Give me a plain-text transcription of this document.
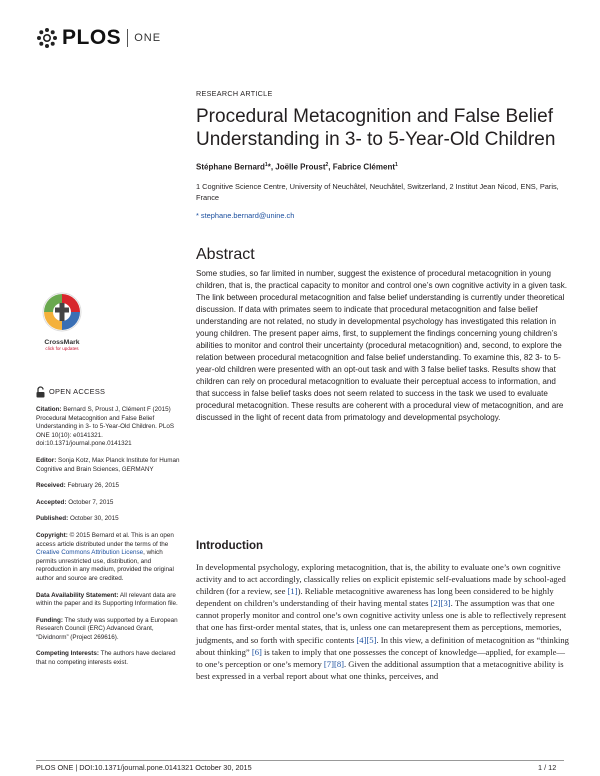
PLOS ONE
RESEARCH ARTICLE
Procedural Metacognition and False Belief Understanding in 3- to 5-Year-Old Children
Stéphane Bernard$^1$*, Joëlle Proust$^2$, Fabrice Clément$^1$
1 Cognitive Science Centre, University of Neuchâtel, Neuchâtel, Switzerland, 2 Institut Jean Nicod, ENS, Paris, France
* stephane.bernard@unine.ch
Abstract
Some studies, so far limited in number, suggest the existence of procedural metacognition in young children, that is, the practical capacity to monitor and control one’s own cognitive activity in a given task. The link between procedural metacognition and false belief understanding is currently under theoretical discussion. If data with primates seem to indicate that procedural metacognition and false belief understanding are not related, no study in developmental psychology has investigated this relation in young children. The present paper aims, first, to supplement the findings concerning young children’s abilities to monitor and control their uncertainty (procedural metacognition) and, second, to explore the relation between procedural metacognition and false belief understanding. To examine this, 82 3- to 5-year-old children were presented with an opt-out task and with 3 false belief tasks. Results show that children can rely on procedural metacognition to evaluate their perceptual access to information, and that success in false belief tasks does not seem related to success in the task we used to evaluate procedural metacognition. These results are coherent with a procedural view of metacognition, and are discussed in the light of recent data from primatology and developmental psychology.
CrossMark
click for updates
OPEN ACCESS

Citation: Bernard S, Proust J, Clément F (2015) Procedural Metacognition and False Belief Understanding in 3- to 5-Year-Old Children. PLoS ONE 10(10): e0141321. doi:10.1371/journal.pone.0141321

Editor: Sonja Kotz, Max Planck Institute for Human Cognitive and Brain Sciences, GERMANY

Received: February 26, 2015

Accepted: October 7, 2015

Published: October 30, 2015

Copyright: © 2015 Bernard et al. This is an open access article distributed under the terms of the Creative Commons Attribution License, which permits unrestricted use, distribution, and reproduction in any medium, provided the original author and source are credited.

Data Availability Statement: All relevant data are within the paper and its Supporting Information file.

Funding: The study was supported by a European Research Council (ERC) Advanced Grant, “Dividnorm” (Project 269616).

Competing Interests: The authors have declared that no competing interests exist.

Introduction
In developmental psychology, exploring metacognition, that is, the ability to evaluate one’s own cognitive activity and to act accordingly, classically relies on explicit epistemic self-evaluations made by school-aged children (for a review, see [1]). Reliable metacognitive awareness has long been considered to be highly dependent on children’s understanding of their having mental states [2][3]. The assumption was that one cannot properly monitor and control one’s own cognitive activity unless one is able to reflectively represent that one has first-order mental states, that is, unless one can metarepresent them as perceptions, memories, judgments, and so forth with specific contents [4][5]. In this view, a definition of metacognition as “thinking about thinking” [6] is taken to imply that one possesses the concept of knowledge—applied, for example—to one’s perception or one’s memory [7][8]. Given the additional assumption that a metacognitive ability is best expressed in a verbal report about what one thinks, perceives, and
PLOS ONE | DOI:10.1371/journal.pone.0141321 October 30, 2015	1 / 12
